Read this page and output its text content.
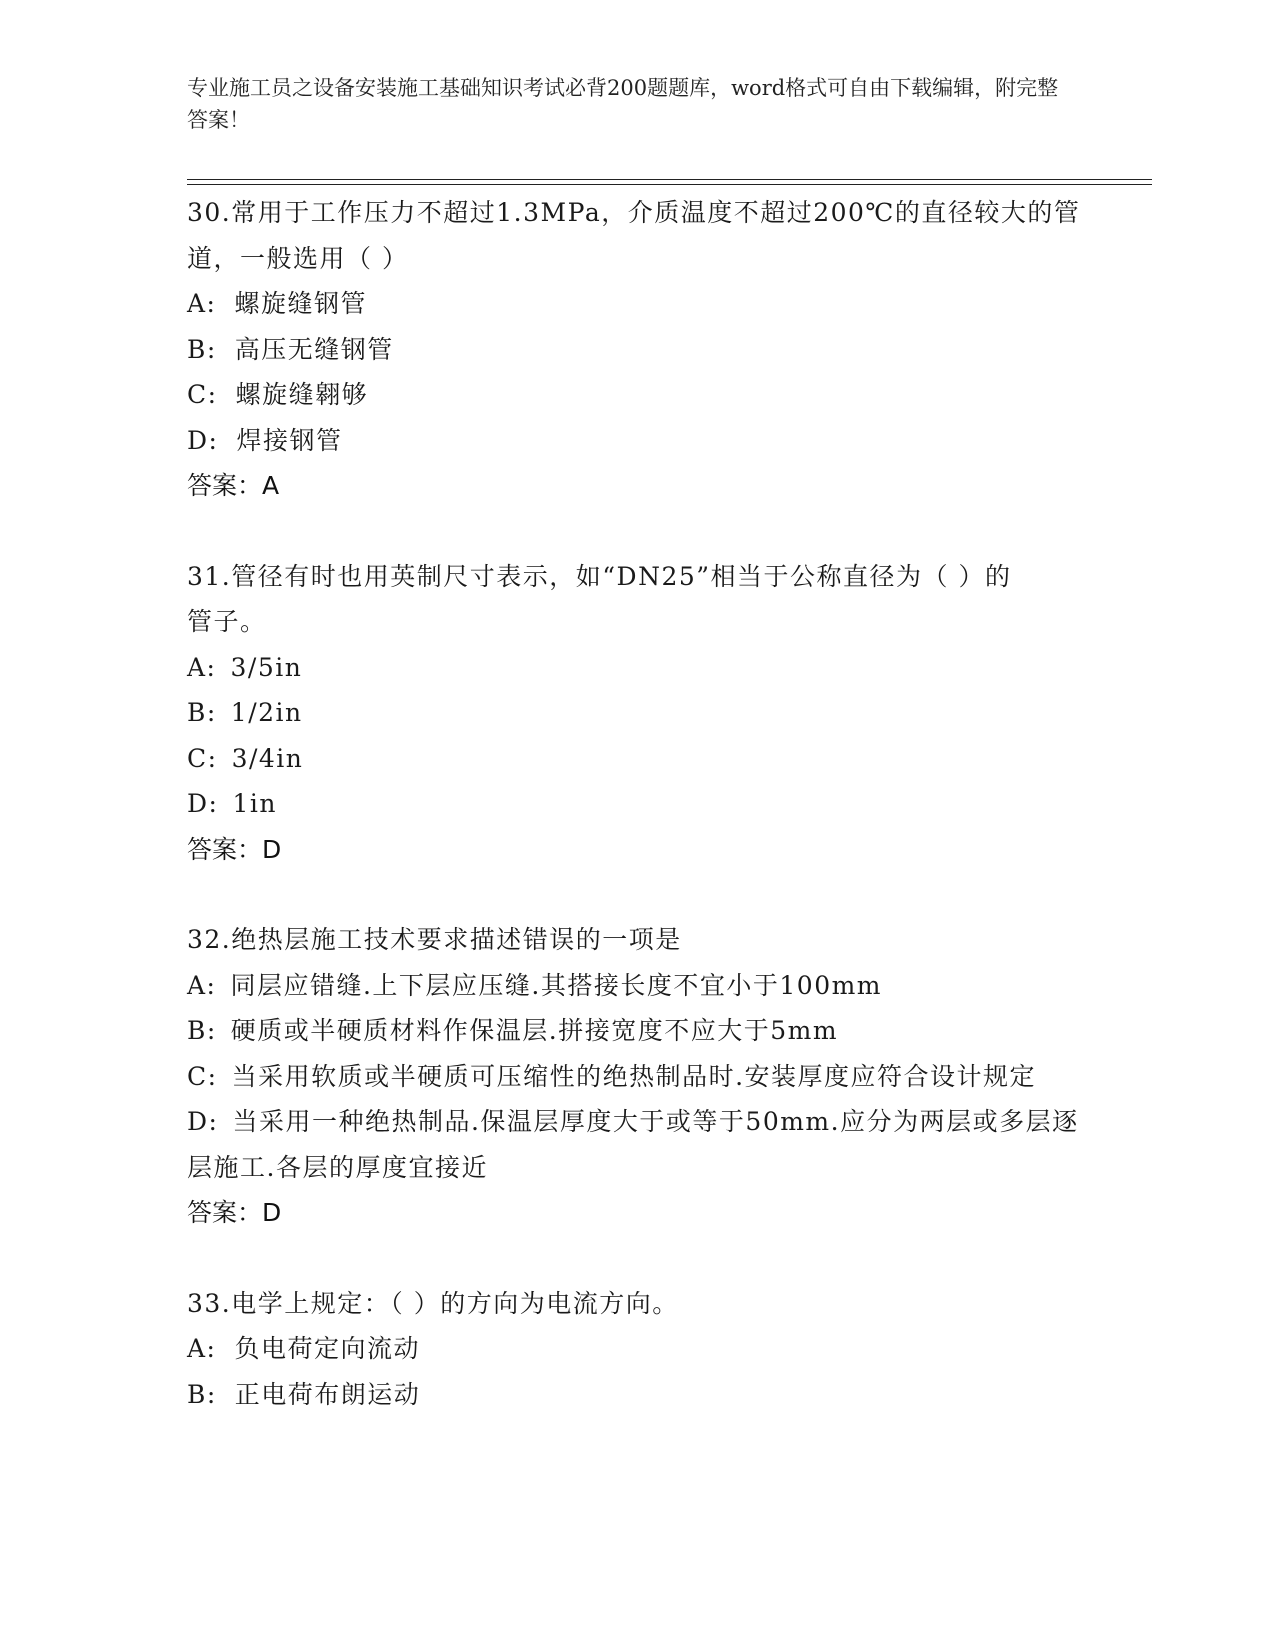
专业施工员之设备安装施工基础知识考试必背200题题库，word格式可自由下载编辑，附完整答案！
30.常用于工作压力不超过1.3MPa，介质温度不超过200℃的直径较大的管道，一般选用（ ）
A: 螺旋缝钢管
B: 高压无缝钢管
C: 螺旋缝翱够
D: 焊接钢管
答案：A
31.管径有时也用英制尺寸表示，如“DN25”相当于公称直径为（ ）的管子。
A: 3/5in
B: 1/2in
C: 3/4in
D: 1in
答案：D
32.绝热层施工技术要求描述错误的一项是
A: 同层应错缝.上下层应压缝.其搭接长度不宜小于100mm
B: 硬质或半硬质材料作保温层.拼接宽度不应大于5mm
C: 当采用软质或半硬质可压缩性的绝热制品时.安装厚度应符合设计规定
D: 当采用一种绝热制品.保温层厚度大于或等于50mm.应分为两层或多层逐层施工.各层的厚度宜接近
答案：D
33.电学上规定：（ ）的方向为电流方向。
A: 负电荷定向流动
B: 正电荷布朗运动
